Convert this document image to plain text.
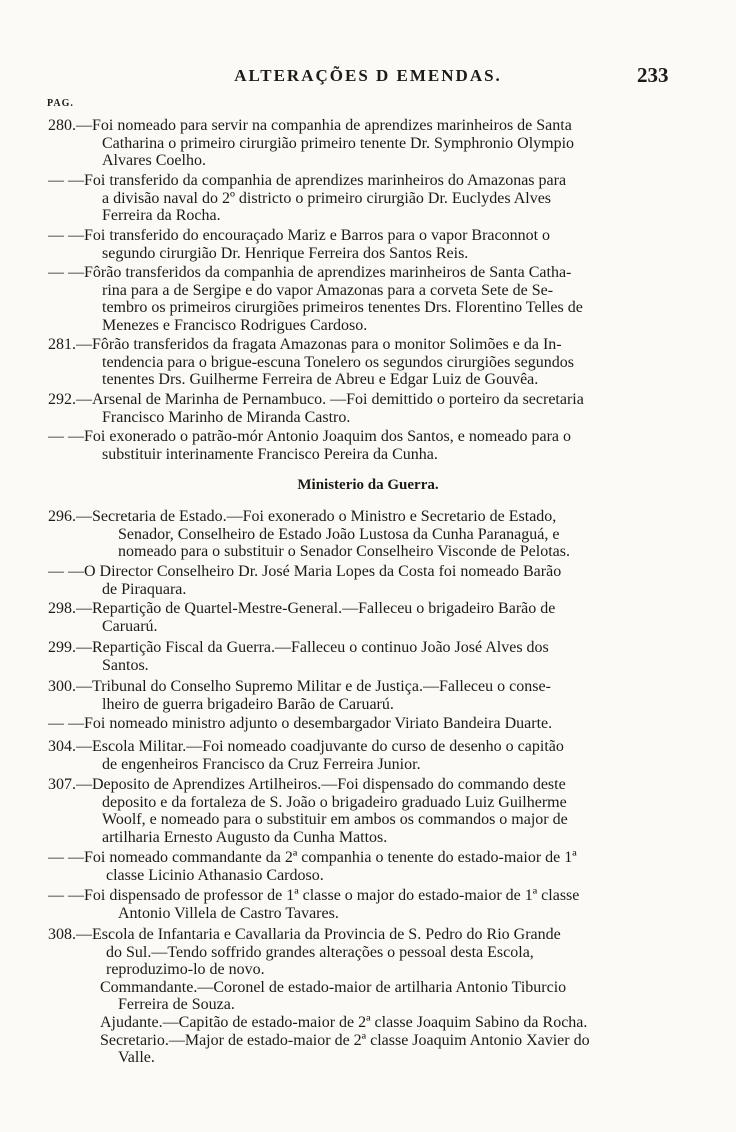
ALTERAÇÕES D EMENDAS.	233
PAG.
280.—Foi nomeado para servir na companhia de aprendizes marinheiros de Santa
Catharina o primeiro cirurgião primeiro tenente Dr. Symphronio Olympio
Alvares Coelho.
— —Foi transferido da companhia de aprendizes marinheiros do Amazonas para
a divisão naval do 2º districto o primeiro cirurgião Dr. Euclydes Alves
Ferreira da Rocha.
— —Foi transferido do encouraçado Mariz e Barros para o vapor Braconnot o
segundo cirurgião Dr. Henrique Ferreira dos Santos Reis.
— —Fôrão transferidos da companhia de aprendizes marinheiros de Santa Catha-
rina para a de Sergipe e do vapor Amazonas para a corveta Sete de Se-
tembro os primeiros cirurgiões primeiros tenentes Drs. Florentino Telles de
Menezes e Francisco Rodrigues Cardoso.
281.—Fôrão transferidos da fragata Amazonas para o monitor Solimões e da In-
tendencia para o brigue-escuna Tonelero os segundos cirurgiões segundos
tenentes Drs. Guilherme Ferreira de Abreu e Edgar Luiz de Gouvêa.
292.—Arsenal de Marinha de Pernambuco. —Foi demittido o porteiro da secretaria
Francisco Marinho de Miranda Castro.
— —Foi exonerado o patrão-mór Antonio Joaquim dos Santos, e nomeado para o
substituir interinamente Francisco Pereira da Cunha.
Ministerio da Guerra.
296.—Secretaria de Estado.—Foi exonerado o Ministro e Secretario de Estado,
Senador, Conselheiro de Estado João Lustosa da Cunha Paranaguá, e
nomeado para o substituir o Senador Conselheiro Visconde de Pelotas.
— —O Director Conselheiro Dr. José Maria Lopes da Costa foi nomeado Barão
de Piraquara.
298.—Repartição de Quartel-Mestre-General.—Falleceu o brigadeiro Barão de
Caruarú.
299.—Repartição Fiscal da Guerra.—Falleceu o continuo João José Alves dos
Santos.
300.—Tribunal do Conselho Supremo Militar e de Justiça.—Falleceu o conse-
lheiro de guerra brigadeiro Barão de Caruarú.
— —Foi nomeado ministro adjunto o desembargador Viriato Bandeira Duarte.
304.—Escola Militar.—Foi nomeado coadjuvante do curso de desenho o capitão
de engenheiros Francisco da Cruz Ferreira Junior.
307.—Deposito de Aprendizes Artilheiros.—Foi dispensado do commando deste
deposito e da fortaleza de S. João o brigadeiro graduado Luiz Guilherme
Woolf, e nomeado para o substituir em ambos os commandos o major de
artilharia Ernesto Augusto da Cunha Mattos.
— —Foi nomeado commandante da 2ª companhia o tenente do estado-maior de 1ª
classe Licinio Athanasio Cardoso.
— —Foi dispensado de professor de 1ª classe o major do estado-maior de 1ª classe
Antonio Villela de Castro Tavares.
308.—Escola de Infantaria e Cavallaria da Provincia de S. Pedro do Rio Grande
do Sul.—Tendo soffrido grandes alterações o pessoal desta Escola,
reproduzimo-lo de novo.
Commandante.—Coronel de estado-maior de artilharia Antonio Tiburcio
Ferreira de Souza.
Ajudante.—Capitão de estado-maior de 2ª classe Joaquim Sabino da Rocha.
Secretario.—Major de estado-maior de 2ª classe Joaquim Antonio Xavier do
Valle.
